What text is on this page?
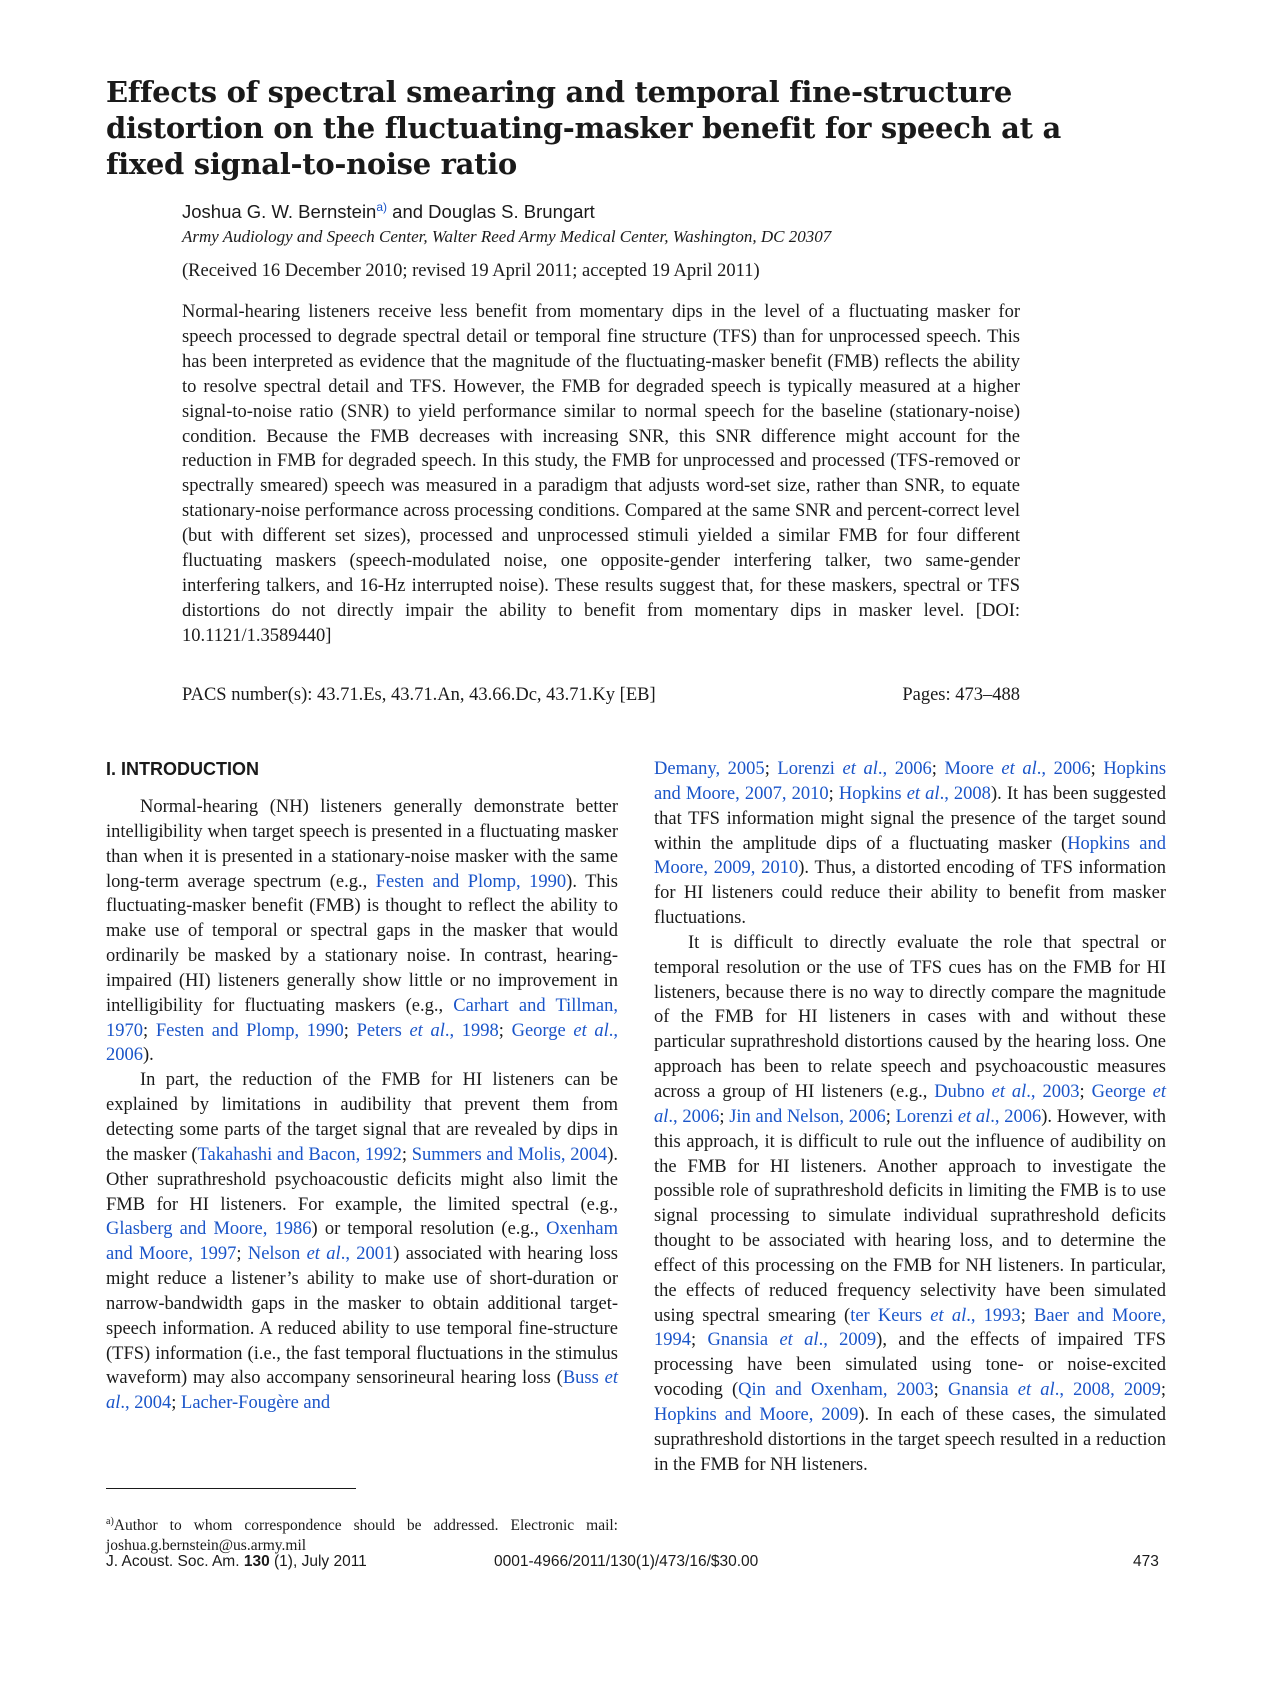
Effects of spectral smearing and temporal fine-structure distortion on the fluctuating-masker benefit for speech at a fixed signal-to-noise ratio
Joshua G. W. Bernstein$^{a)}$ and Douglas S. Brungart
Army Audiology and Speech Center, Walter Reed Army Medical Center, Washington, DC 20307
(Received 16 December 2010; revised 19 April 2011; accepted 19 April 2011)

Normal-hearing listeners receive less benefit from momentary dips in the level of a fluctuating masker for speech processed to degrade spectral detail or temporal fine structure (TFS) than for unprocessed speech. This has been interpreted as evidence that the magnitude of the fluctuating-masker benefit (FMB) reflects the ability to resolve spectral detail and TFS. However, the FMB for degraded speech is typically measured at a higher signal-to-noise ratio (SNR) to yield performance similar to normal speech for the baseline (stationary-noise) condition. Because the FMB decreases with increasing SNR, this SNR difference might account for the reduction in FMB for degraded speech. In this study, the FMB for unprocessed and processed (TFS-removed or spectrally smeared) speech was measured in a paradigm that adjusts word-set size, rather than SNR, to equate stationary-noise performance across processing conditions. Compared at the same SNR and percent-correct level (but with different set sizes), processed and unprocessed stimuli yielded a similar FMB for four different fluctuating maskers (speech-modulated noise, one opposite-gender interfering talker, two same-gender interfering talkers, and 16-Hz interrupted noise). These results suggest that, for these maskers, spectral or TFS distortions do not directly impair the ability to benefit from momentary dips in masker level. [DOI: 10.1121/1.3589440]

PACS number(s): 43.71.Es, 43.71.An, 43.66.Dc, 43.71.Ky [EB]	Pages: 473–488
I. INTRODUCTION

Normal-hearing (NH) listeners generally demonstrate better intelligibility when target speech is presented in a fluctuating masker than when it is presented in a stationary-noise masker with the same long-term average spectrum (e.g., Festen and Plomp, 1990). This fluctuating-masker benefit (FMB) is thought to reflect the ability to make use of temporal or spectral gaps in the masker that would ordinarily be masked by a stationary noise. In contrast, hearing-impaired (HI) listeners generally show little or no improvement in intelligibility for fluctuating maskers (e.g., Carhart and Tillman, 1970; Festen and Plomp, 1990; Peters et al., 1998; George et al., 2006).

In part, the reduction of the FMB for HI listeners can be explained by limitations in audibility that prevent them from detecting some parts of the target signal that are revealed by dips in the masker (Takahashi and Bacon, 1992; Summers and Molis, 2004). Other suprathreshold psychoacoustic deficits might also limit the FMB for HI listeners. For example, the limited spectral (e.g., Glasberg and Moore, 1986) or temporal resolution (e.g., Oxenham and Moore, 1997; Nelson et al., 2001) associated with hearing loss might reduce a listener’s ability to make use of short-duration or narrow-bandwidth gaps in the masker to obtain additional target-speech information. A reduced ability to use temporal fine-structure (TFS) information (i.e., the fast temporal fluctuations in the stimulus waveform) may also accompany sensorineural hearing loss (Buss et al., 2004; Lacher-Fougère and

Demany, 2005; Lorenzi et al., 2006; Moore et al., 2006; Hopkins and Moore, 2007, 2010; Hopkins et al., 2008). It has been suggested that TFS information might signal the presence of the target sound within the amplitude dips of a fluctuating masker (Hopkins and Moore, 2009, 2010). Thus, a distorted encoding of TFS information for HI listeners could reduce their ability to benefit from masker fluctuations.

It is difficult to directly evaluate the role that spectral or temporal resolution or the use of TFS cues has on the FMB for HI listeners, because there is no way to directly compare the magnitude of the FMB for HI listeners in cases with and without these particular suprathreshold distortions caused by the hearing loss. One approach has been to relate speech and psychoacoustic measures across a group of HI listeners (e.g., Dubno et al., 2003; George et al., 2006; Jin and Nelson, 2006; Lorenzi et al., 2006). However, with this approach, it is difficult to rule out the influence of audibility on the FMB for HI listeners. Another approach to investigate the possible role of suprathreshold deficits in limiting the FMB is to use signal processing to simulate individual suprathreshold deficits thought to be associated with hearing loss, and to determine the effect of this processing on the FMB for NH listeners. In particular, the effects of reduced frequency selectivity have been simulated using spectral smearing (ter Keurs et al., 1993; Baer and Moore, 1994; Gnansia et al., 2009), and the effects of impaired TFS processing have been simulated using tone- or noise-excited vocoding (Qin and Oxenham, 2003; Gnansia et al., 2008, 2009; Hopkins and Moore, 2009). In each of these cases, the simulated suprathreshold distortions in the target speech resulted in a reduction in the FMB for NH listeners.

$^{a)}$Author to whom correspondence should be addressed. Electronic mail: joshua.g.bernstein@us.army.mil
J. Acoust. Soc. Am. 130 (1), July 2011	0001-4966/2011/130(1)/473/16/$30.00	473
